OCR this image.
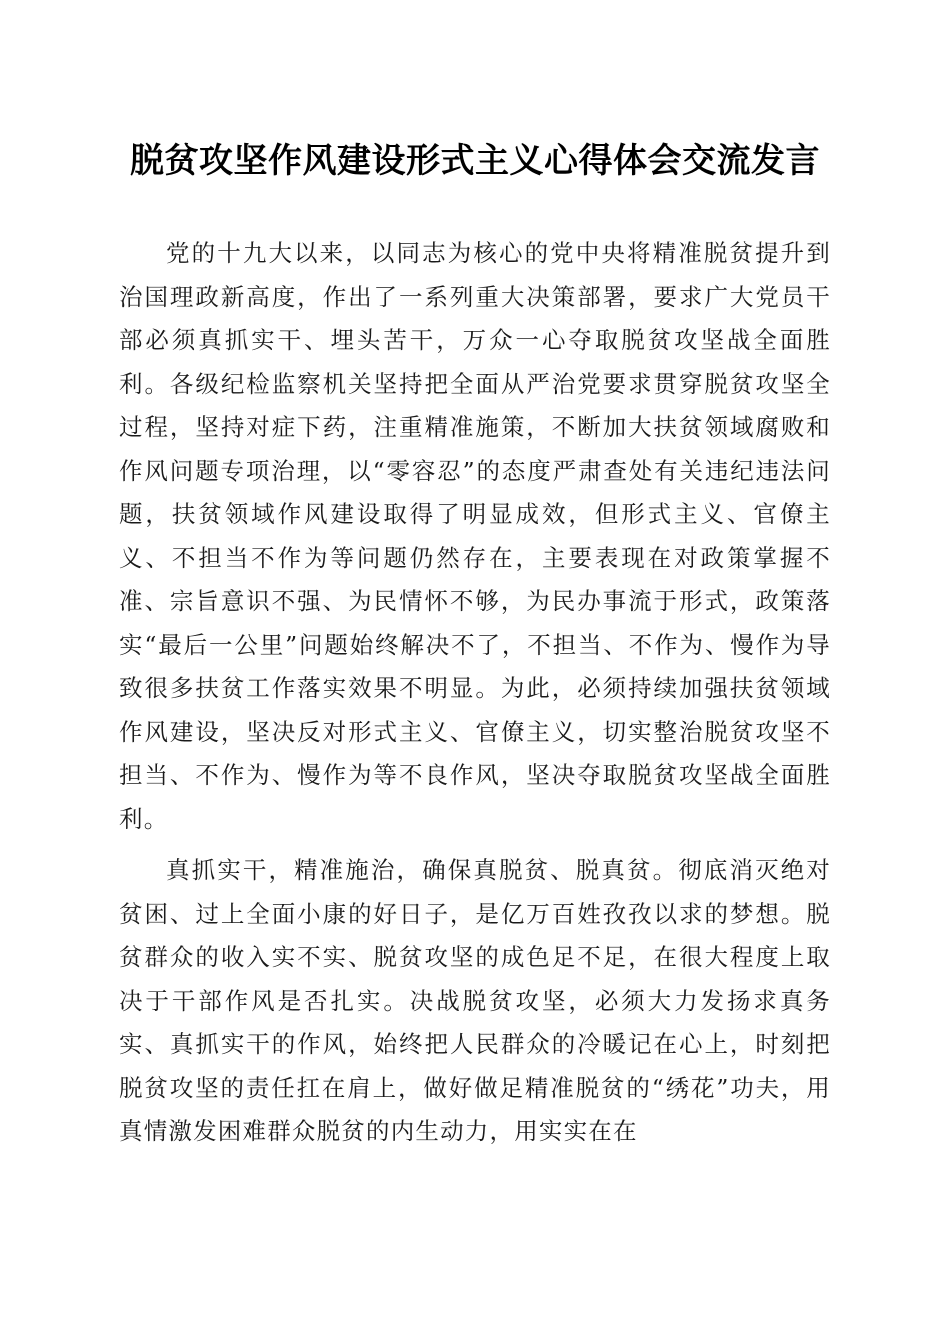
脱贫攻坚作风建设形式主义心得体会交流发言

党的十九大以来，以同志为核心的党中央将精准脱贫提升到治国理政新高度，作出了一系列重大决策部署，要求广大党员干部必须真抓实干、埋头苦干，万众一心夺取脱贫攻坚战全面胜利。各级纪检监察机关坚持把全面从严治党要求贯穿脱贫攻坚全过程，坚持对症下药，注重精准施策，不断加大扶贫领域腐败和作风问题专项治理，以“零容忍”的态度严肃查处有关违纪违法问题，扶贫领域作风建设取得了明显成效，但形式主义、官僚主义、不担当不作为等问题仍然存在，主要表现在对政策掌握不准、宗旨意识不强、为民情怀不够，为民办事流于形式，政策落实“最后一公里”问题始终解决不了，不担当、不作为、慢作为导致很多扶贫工作落实效果不明显。为此，必须持续加强扶贫领域作风建设，坚决反对形式主义、官僚主义，切实整治脱贫攻坚不担当、不作为、慢作为等不良作风，坚决夺取脱贫攻坚战全面胜利。

真抓实干，精准施治，确保真脱贫、脱真贫。彻底消灭绝对贫困、过上全面小康的好日子，是亿万百姓孜孜以求的梦想。脱贫群众的收入实不实、脱贫攻坚的成色足不足，在很大程度上取决于干部作风是否扎实。决战脱贫攻坚，必须大力发扬求真务实、真抓实干的作风，始终把人民群众的冷暖记在心上，时刻把脱贫攻坚的责任扛在肩上，做好做足精准脱贫的“绣花”功夫，用真情激发困难群众脱贫的内生动力，用实实在在
